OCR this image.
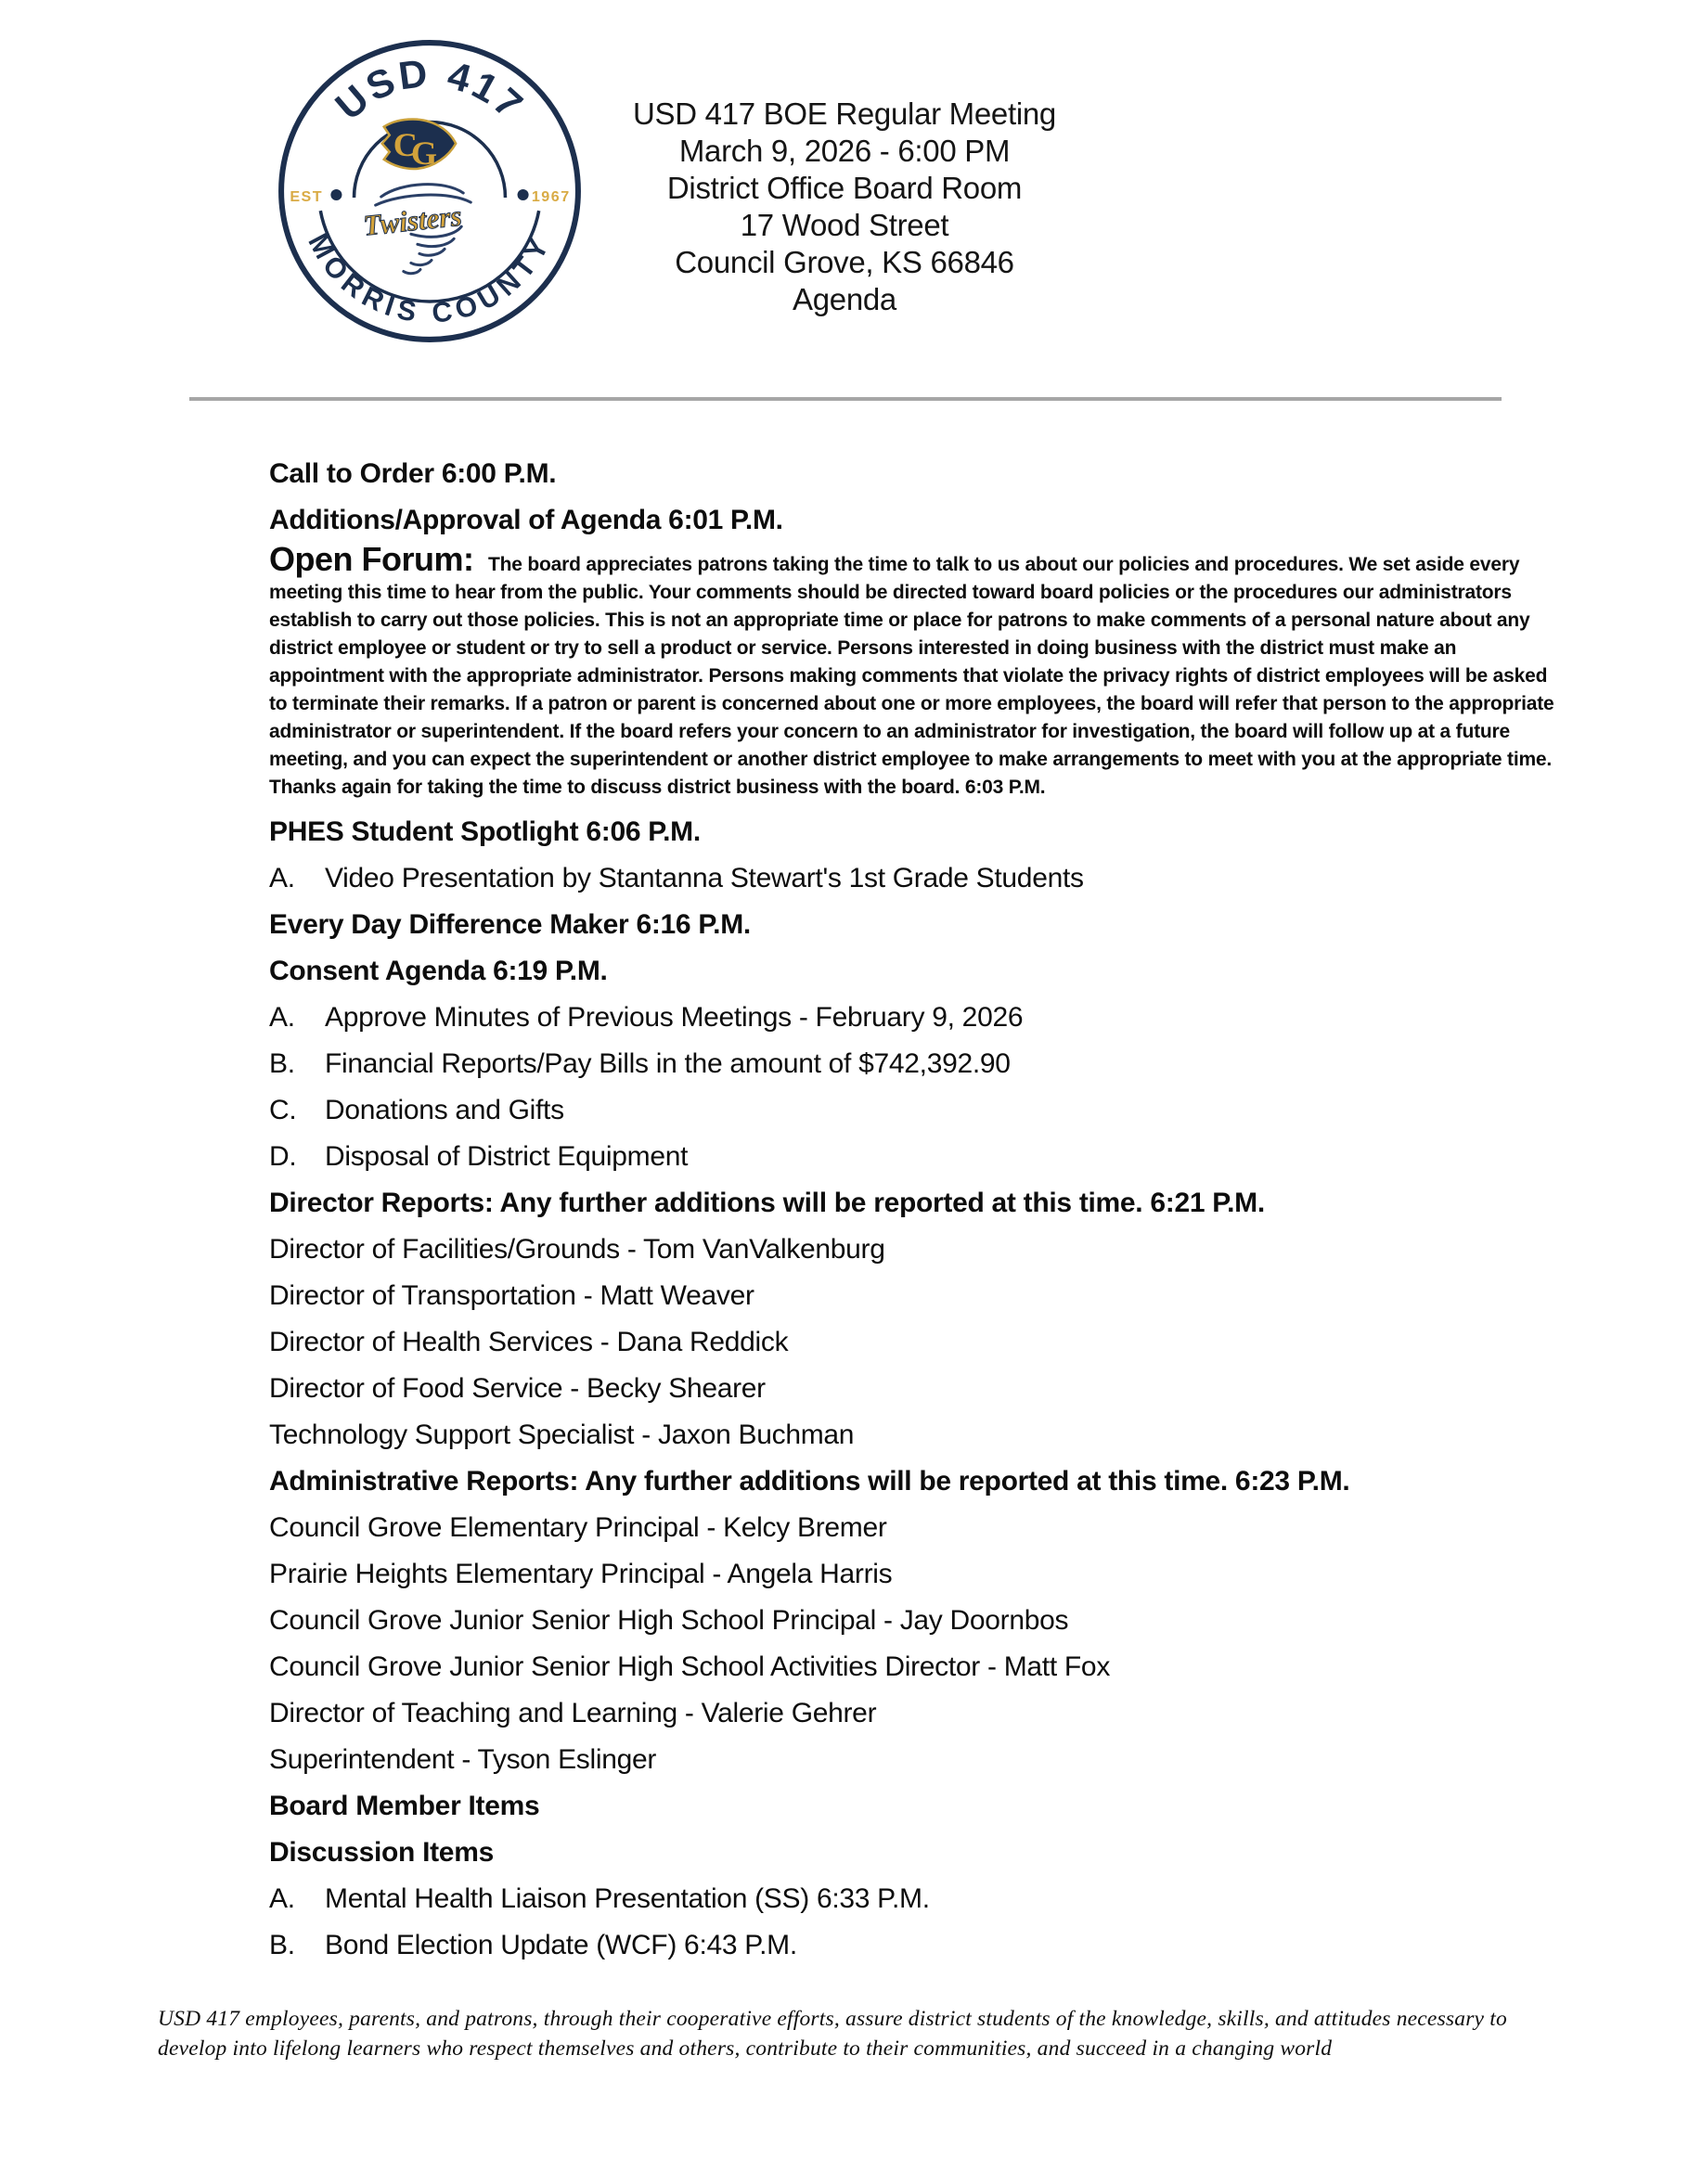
USD 417
MORRIS COUNTY
EST	1967
C
G
Twisters
USD 417 BOE Regular Meeting
March 9, 2026 - 6:00 PM
District Office Board Room
17 Wood Street
Council Grove, KS 66846
Agenda
Call to Order 6:00 P.M.
Additions/Approval of Agenda 6:01 P.M.
Open Forum: The board appreciates patrons taking the time to talk to us about our policies and procedures. We set aside every meeting this time to hear from the public. Your comments should be directed toward board policies or the procedures our administrators establish to carry out those policies. This is not an appropriate time or place for patrons to make comments of a personal nature about any district employee or student or try to sell a product or service. Persons interested in doing business with the district must make an appointment with the appropriate administrator. Persons making comments that violate the privacy rights of district employees will be asked to terminate their remarks. If a patron or parent is concerned about one or more employees, the board will refer that person to the appropriate administrator or superintendent. If the board refers your concern to an administrator for investigation, the board will follow up at a future meeting, and you can expect the superintendent or another district employee to make arrangements to meet with you at the appropriate time. Thanks again for taking the time to discuss district business with the board. 6:03 P.M.
PHES Student Spotlight 6:06 P.M.
A.	Video Presentation by Stantanna Stewart's 1st Grade Students
Every Day Difference Maker 6:16 P.M.
Consent Agenda 6:19 P.M.
A.	Approve Minutes of Previous Meetings - February 9, 2026
B.	Financial Reports/Pay Bills in the amount of $742,392.90
C.	Donations and Gifts
D.	Disposal of District Equipment
Director Reports: Any further additions will be reported at this time. 6:21 P.M.
Director of Facilities/Grounds - Tom VanValkenburg
Director of Transportation - Matt Weaver
Director of Health Services - Dana Reddick
Director of Food Service - Becky Shearer
Technology Support Specialist - Jaxon Buchman
Administrative Reports: Any further additions will be reported at this time. 6:23 P.M.
Council Grove Elementary Principal - Kelcy Bremer
Prairie Heights Elementary Principal - Angela Harris
Council Grove Junior Senior High School Principal - Jay Doornbos
Council Grove Junior Senior High School Activities Director - Matt Fox
Director of Teaching and Learning - Valerie Gehrer
Superintendent - Tyson Eslinger
Board Member Items
Discussion Items
A.	Mental Health Liaison Presentation (SS) 6:33 P.M.
B.	Bond Election Update (WCF) 6:43 P.M.
USD 417 employees, parents, and patrons, through their cooperative efforts, assure district students of the knowledge, skills, and attitudes necessary to develop into lifelong learners who respect themselves and others, contribute to their communities, and succeed in a changing world
